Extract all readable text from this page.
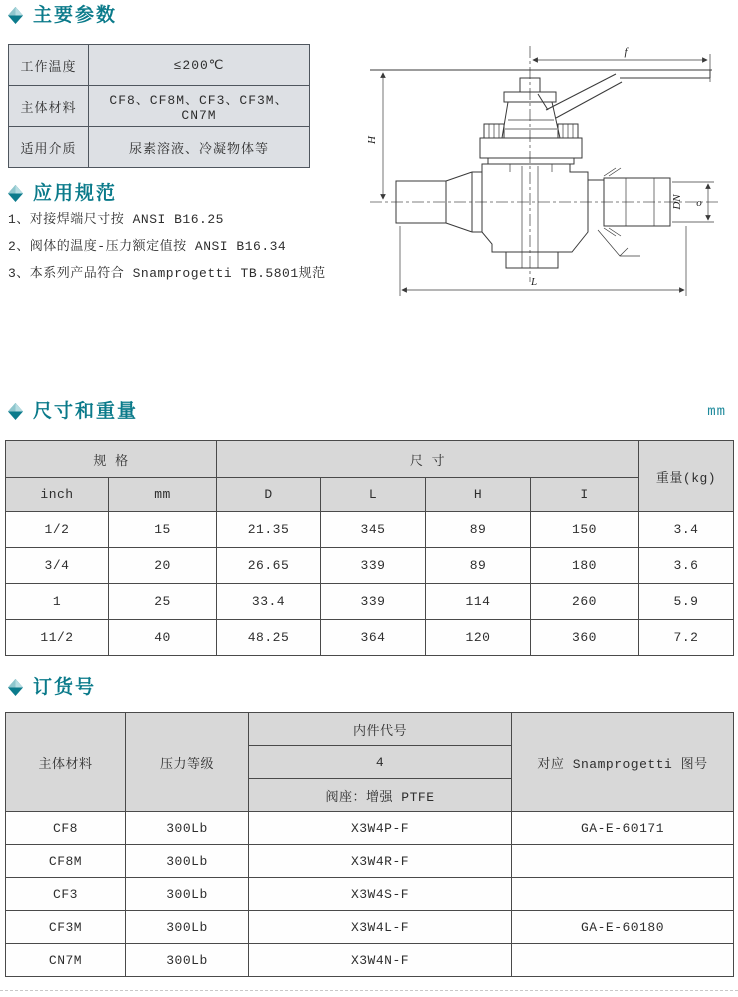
主要参数
工作温度	≤200℃
主体材料	CF8、CF8M、CF3、CF3M、CN7M
适用介质	尿素溶液、冷凝物体等
应用规范
1、对接焊端尺寸按 ANSI B16.25
2、阀体的温度-压力额定值按 ANSI B16.34
3、本系列产品符合 Snamprogetti TB.5801规范
f
H
L
o
DN
尺寸和重量	mm
规 格		尺 寸				重量(kg)
inch	mm	D	L	H	I	
1/2	15	21.35	345	89	150	3.4
3/4	20	26.65	339	89	180	3.6
1	25	33.4	339	114	260	5.9
11/2	40	48.25	364	120	360	7.2
订货号
主体材料	压力等级	内件代号	对应 Snamprogetti 图号
		4	
		阀座：增强 PTFE	
CF8	300Lb	X3W4P-F	GA-E-60171
CF8M	300Lb	X3W4R-F	
CF3	300Lb	X3W4S-F	
CF3M	300Lb	X3W4L-F	GA-E-60180
CN7M	300Lb	X3W4N-F	
